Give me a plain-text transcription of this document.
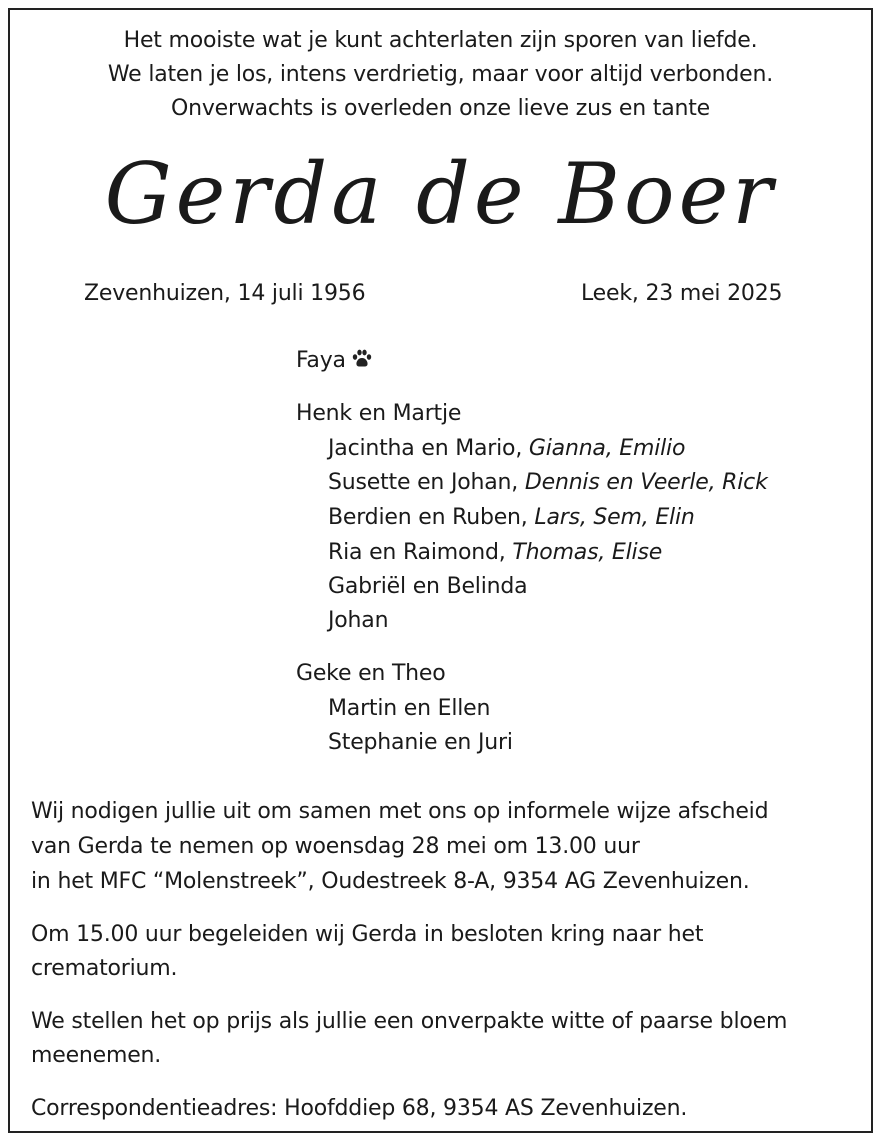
Het mooiste wat je kunt achterlaten zijn sporen van liefde.
We laten je los, intens verdrietig, maar voor altijd verbonden.
Onverwachts is overleden onze lieve zus en tante
Gerda de Boer
Zevenhuizen, 14 juli 1956	Leek, 23 mei 2025
Faya
Henk en Martje
Jacintha en Mario, Gianna, Emilio
Susette en Johan, Dennis en Veerle, Rick
Berdien en Ruben, Lars, Sem, Elin
Ria en Raimond, Thomas, Elise
Gabriël en Belinda
Johan
Geke en Theo
Martin en Ellen
Stephanie en Juri
Wij nodigen jullie uit om samen met ons op informele wijze afscheid
van Gerda te nemen op woensdag 28 mei om 13.00 uur
in het MFC “Molenstreek”, Oudestreek 8-A, 9354 AG Zevenhuizen.
Om 15.00 uur begeleiden wij Gerda in besloten kring naar het
crematorium.
We stellen het op prijs als jullie een onverpakte witte of paarse bloem
meenemen.
Correspondentieadres: Hoofddiep 68, 9354 AS Zevenhuizen.
